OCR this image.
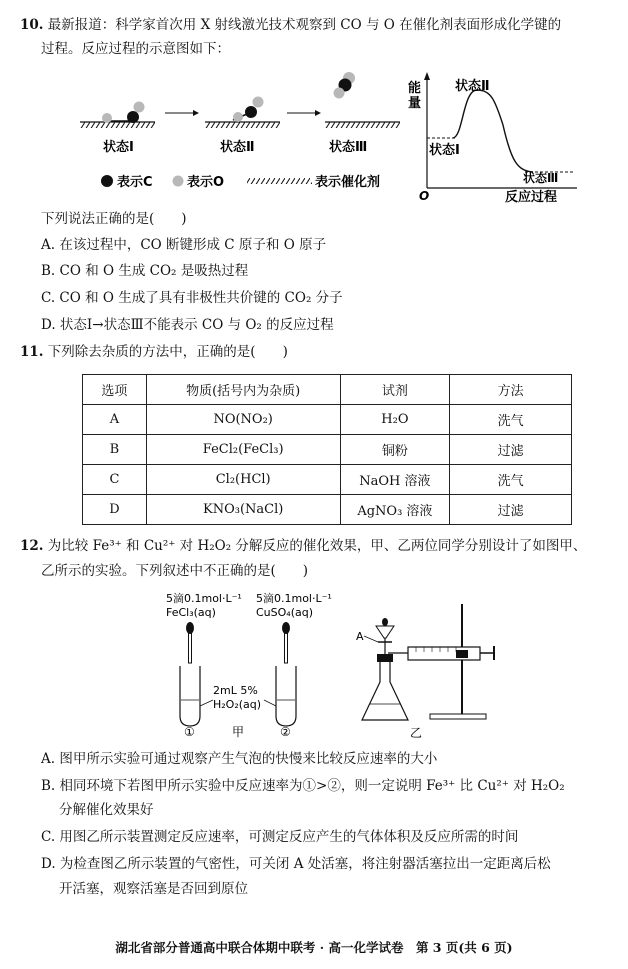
10. 最新报道：科学家首次用 X 射线激光技术观察到 CO 与 O 在催化剂表面形成化学键的
过程。反应过程的示意图如下：
状态Ⅰ	状态Ⅱ	状态Ⅲ
表示C	表示O	表示催化剂
能
量
O	反应过程
状态Ⅱ
状态Ⅰ
状态Ⅲ
下列说法正确的是(　　)
A. 在该过程中，CO 断键形成 C 原子和 O 原子
B. CO 和 O 生成 CO₂ 是吸热过程
C. CO 和 O 生成了具有非极性共价键的 CO₂ 分子
D. 状态Ⅰ→状态Ⅲ不能表示 CO 与 O₂ 的反应过程
11. 下列除去杂质的方法中，正确的是(　　)
选项	物质(括号内为杂质)	试剂	方法
A	NO(NO₂)	H₂O	洗气
B	FeCl₂(FeCl₃)	铜粉	过滤
C	Cl₂(HCl)	NaOH 溶液	洗气
D	KNO₃(NaCl)	AgNO₃ 溶液	过滤
12. 为比较 Fe³⁺ 和 Cu²⁺ 对 H₂O₂ 分解反应的催化效果，甲、乙两位同学分别设计了如图甲、
乙所示的实验。下列叙述中不正确的是(　　)
5滴0.1mol·L⁻¹
FeCl₃(aq)
5滴0.1mol·L⁻¹
CuSO₄(aq)
2mL 5%
H₂O₂(aq)
①	甲	②
A
乙
A. 图甲所示实验可通过观察产生气泡的快慢来比较反应速率的大小
B. 相同环境下若图甲所示实验中反应速率为①>②，则一定说明 Fe³⁺ 比 Cu²⁺ 对 H₂O₂
分解催化效果好
C. 用图乙所示装置测定反应速率，可测定反应产生的气体体积及反应所需的时间
D. 为检查图乙所示装置的气密性，可关闭 A 处活塞，将注射器活塞拉出一定距离后松
开活塞，观察活塞是否回到原位
湖北省部分普通高中联合体期中联考 · 高一化学试卷　第 3 页(共 6 页)
